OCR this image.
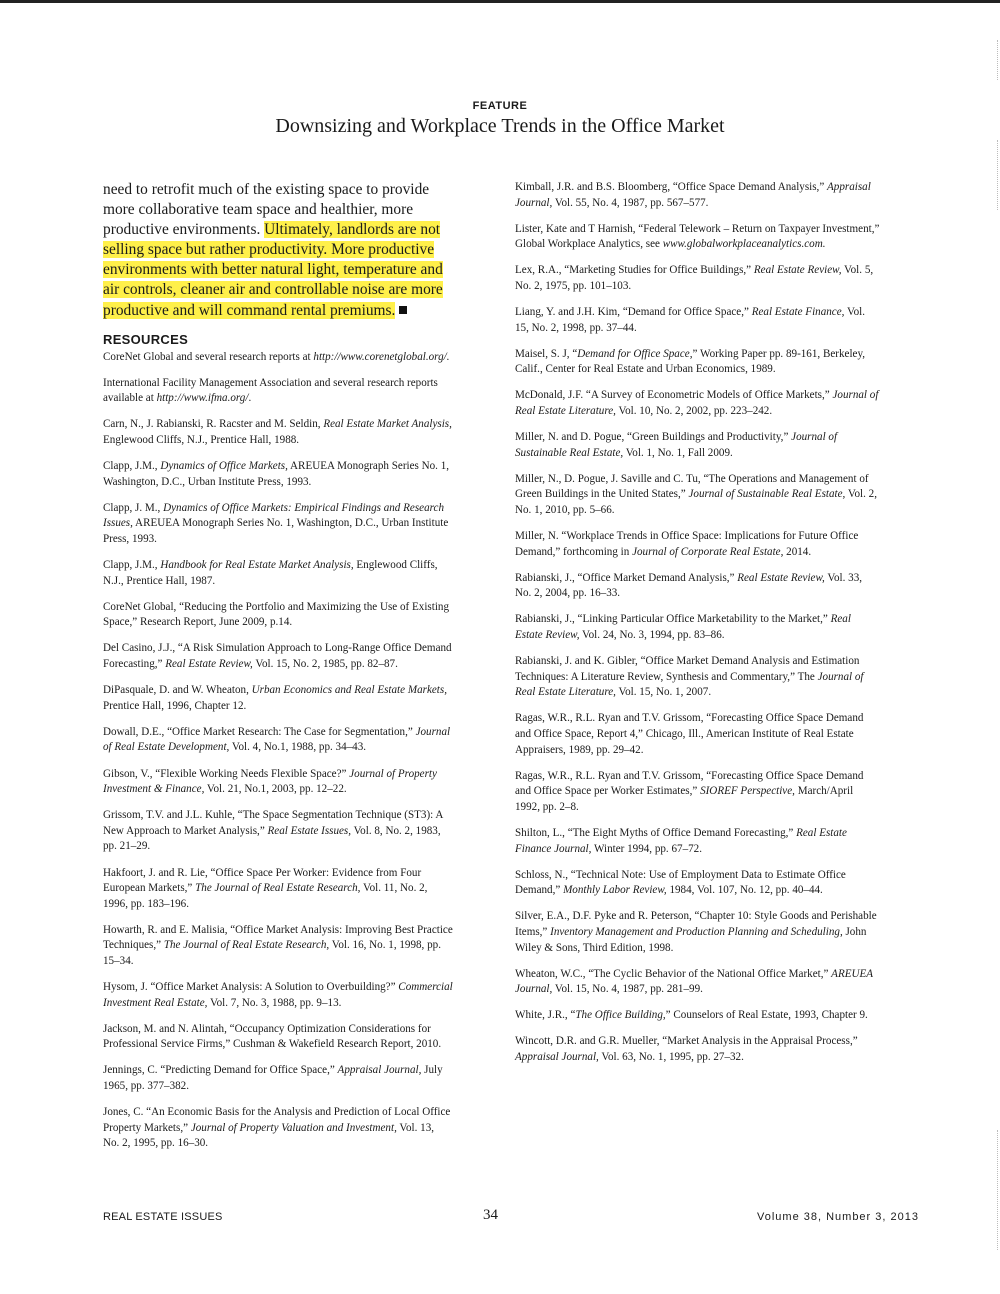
FEATURE
Downsizing and Workplace Trends in the Office Market

need to retrofit much of the existing space to provide more collaborative team space and healthier, more productive environments. Ultimately, landlords are not selling space but rather productivity. More productive environments with better natural light, temperature and air controls, cleaner air and controllable noise are more productive and will command rental premiums.

RESOURCES

CoreNet Global and several research reports at http://www.corenetglobal.org/.

International Facility Management Association and several research reports available at http://www.ifma.org/.

Carn, N., J. Rabianski, R. Racster and M. Seldin, Real Estate Market Analysis, Englewood Cliffs, N.J., Prentice Hall, 1988.

Clapp, J.M., Dynamics of Office Markets, AREUEA Monograph Series No. 1, Washington, D.C., Urban Institute Press, 1993.

Clapp, J. M., Dynamics of Office Markets: Empirical Findings and Research Issues, AREUEA Monograph Series No. 1, Washington, D.C., Urban Institute Press, 1993.

Clapp, J.M., Handbook for Real Estate Market Analysis, Englewood Cliffs, N.J., Prentice Hall, 1987.

CoreNet Global, “Reducing the Portfolio and Maximizing the Use of Existing Space,” Research Report, June 2009, p.14.

Del Casino, J.J., “A Risk Simulation Approach to Long-Range Office Demand Forecasting,” Real Estate Review, Vol. 15, No. 2, 1985, pp. 82–87.

DiPasquale, D. and W. Wheaton, Urban Economics and Real Estate Markets, Prentice Hall, 1996, Chapter 12.

Dowall, D.E., “Office Market Research: The Case for Segmentation,” Journal of Real Estate Development, Vol. 4, No.1, 1988, pp. 34–43.

Gibson, V., “Flexible Working Needs Flexible Space?” Journal of Property Investment & Finance, Vol. 21, No.1, 2003, pp. 12–22.

Grissom, T.V. and J.L. Kuhle, “The Space Segmentation Technique (ST3): A New Approach to Market Analysis,” Real Estate Issues, Vol. 8, No. 2, 1983, pp. 21–29.

Hakfoort, J. and R. Lie, “Office Space Per Worker: Evidence from Four European Markets,” The Journal of Real Estate Research, Vol. 11, No. 2, 1996, pp. 183–196.

Howarth, R. and E. Malisia, “Office Market Analysis: Improving Best Practice Techniques,” The Journal of Real Estate Research, Vol. 16, No. 1, 1998, pp. 15–34.

Hysom, J. “Office Market Analysis: A Solution to Overbuilding?” Commercial Investment Real Estate, Vol. 7, No. 3, 1988, pp. 9–13.

Jackson, M. and N. Alintah, “Occupancy Optimization Considerations for Professional Service Firms,” Cushman & Wakefield Research Report, 2010.

Jennings, C. “Predicting Demand for Office Space,” Appraisal Journal, July 1965, pp. 377–382.

Jones, C. “An Economic Basis for the Analysis and Prediction of Local Office Property Markets,” Journal of Property Valuation and Investment, Vol. 13, No. 2, 1995, pp. 16–30.

Kimball, J.R. and B.S. Bloomberg, “Office Space Demand Analysis,” Appraisal Journal, Vol. 55, No. 4, 1987, pp. 567–577.

Lister, Kate and T Harnish, “Federal Telework – Return on Taxpayer Investment,” Global Workplace Analytics, see www.globalworkplaceanalytics.com.

Lex, R.A., “Marketing Studies for Office Buildings,” Real Estate Review, Vol. 5, No. 2, 1975, pp. 101–103.

Liang, Y. and J.H. Kim, “Demand for Office Space,” Real Estate Finance, Vol. 15, No. 2, 1998, pp. 37–44.

Maisel, S. J, “Demand for Office Space,” Working Paper pp. 89-161, Berkeley, Calif., Center for Real Estate and Urban Economics, 1989.

McDonald, J.F. “A Survey of Econometric Models of Office Markets,” Journal of Real Estate Literature, Vol. 10, No. 2, 2002, pp. 223–242.

Miller, N. and D. Pogue, “Green Buildings and Productivity,” Journal of Sustainable Real Estate, Vol. 1, No. 1, Fall 2009.

Miller, N., D. Pogue, J. Saville and C. Tu, “The Operations and Management of Green Buildings in the United States,” Journal of Sustainable Real Estate, Vol. 2, No. 1, 2010, pp. 5–66.

Miller, N. “Workplace Trends in Office Space: Implications for Future Office Demand,” forthcoming in Journal of Corporate Real Estate, 2014.

Rabianski, J., “Office Market Demand Analysis,” Real Estate Review, Vol. 33, No. 2, 2004, pp. 16–33.

Rabianski, J., “Linking Particular Office Marketability to the Market,” Real Estate Review, Vol. 24, No. 3, 1994, pp. 83–86.

Rabianski, J. and K. Gibler, “Office Market Demand Analysis and Estimation Techniques: A Literature Review, Synthesis and Commentary,” The Journal of Real Estate Literature, Vol. 15, No. 1, 2007.

Ragas, W.R., R.L. Ryan and T.V. Grissom, “Forecasting Office Space Demand and Office Space, Report 4,” Chicago, Ill., American Institute of Real Estate Appraisers, 1989, pp. 29–42.

Ragas, W.R., R.L. Ryan and T.V. Grissom, “Forecasting Office Space Demand and Office Space per Worker Estimates,” SIOREF Perspective, March/April 1992, pp. 2–8.

Shilton, L., “The Eight Myths of Office Demand Forecasting,” Real Estate Finance Journal, Winter 1994, pp. 67–72.

Schloss, N., “Technical Note: Use of Employment Data to Estimate Office Demand,” Monthly Labor Review, 1984, Vol. 107, No. 12, pp. 40–44.

Silver, E.A., D.F. Pyke and R. Peterson, “Chapter 10: Style Goods and Perishable Items,” Inventory Management and Production Planning and Scheduling, John Wiley & Sons, Third Edition, 1998.

Wheaton, W.C., “The Cyclic Behavior of the National Office Market,” AREUEA Journal, Vol. 15, No. 4, 1987, pp. 281–99.

White, J.R., “The Office Building,” Counselors of Real Estate, 1993, Chapter 9.

Wincott, D.R. and G.R. Mueller, “Market Analysis in the Appraisal Process,” Appraisal Journal, Vol. 63, No. 1, 1995, pp. 27–32.

REAL ESTATE ISSUES	34	Volume 38, Number 3, 2013
